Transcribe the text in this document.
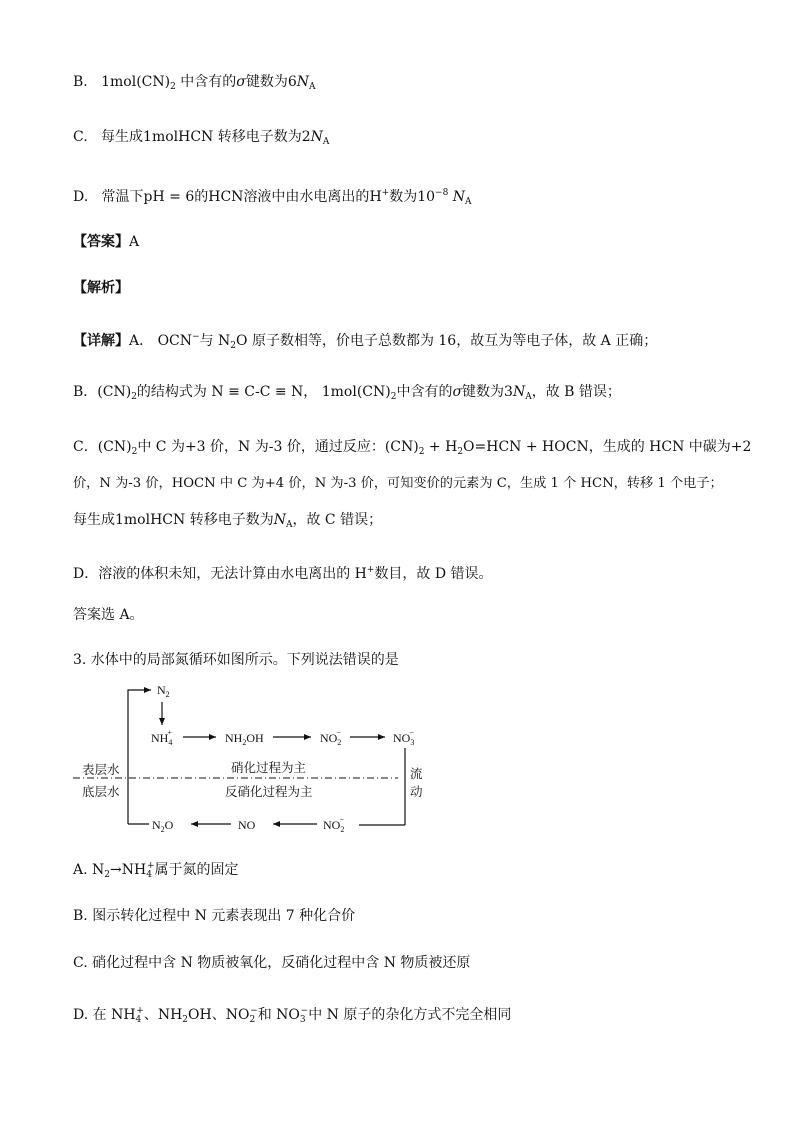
B. $1mol(CN)_2$ 中含有的σ键数为$6N_A$
C. 每生成1molHCN 转移电子数为$2N_A$
D. 常温下pH = 6的HCN溶液中由水电离出的H+数为$10^{-8}$ $N_A$
【答案】A
【解析】
【详解】A． OCN−与 $N_2O$ 原子数相等，价电子总数都为 16，故互为等电子体，故 A 正确；
B．$(CN)_2$的结构式为 N ≡ C-C ≡ N， $1mol(CN)_2$中含有的σ键数为$3N_A$，故 B 错误；
C．$(CN)_2$中 C 为+3 价，N 为-3 价，通过反应：$(CN)_2 + H_2O=HCN$ + HOCN，生成的 HCN 中碳为+2
价，N 为-3 价，HOCN 中 C 为+4 价，N 为-3 价，可知变价的元素为 C，生成 1 个 HCN，转移 1 个电子；
每生成1molHCN 转移电子数为$N_A$，故 C 错误；
D．溶液的体积未知，无法计算由水电离出的 H+数目，故 D 错误。
答案选 A。
3. 水体中的局部氮循环如图所示。下列说法错误的是
$N_2$
$NH_4+$	$NH_2OH$	$NO_2-$	$NO_3-$
表层水
底层水
硝化过程为主
反硝化过程为主
流
动
$NO_2-$
NO
$N_2O$
A. $N_2\to NH_4^+$属于氮的固定
B. 图示转化过程中 N 元素表现出 7 种化合价
C. 硝化过程中含 N 物质被氧化，反硝化过程中含 N 物质被还原
D. 在 $NH_4^+$、$NH_2OH$、$NO_2^-$和 $NO_3^-$中 N 原子的杂化方式不完全相同
